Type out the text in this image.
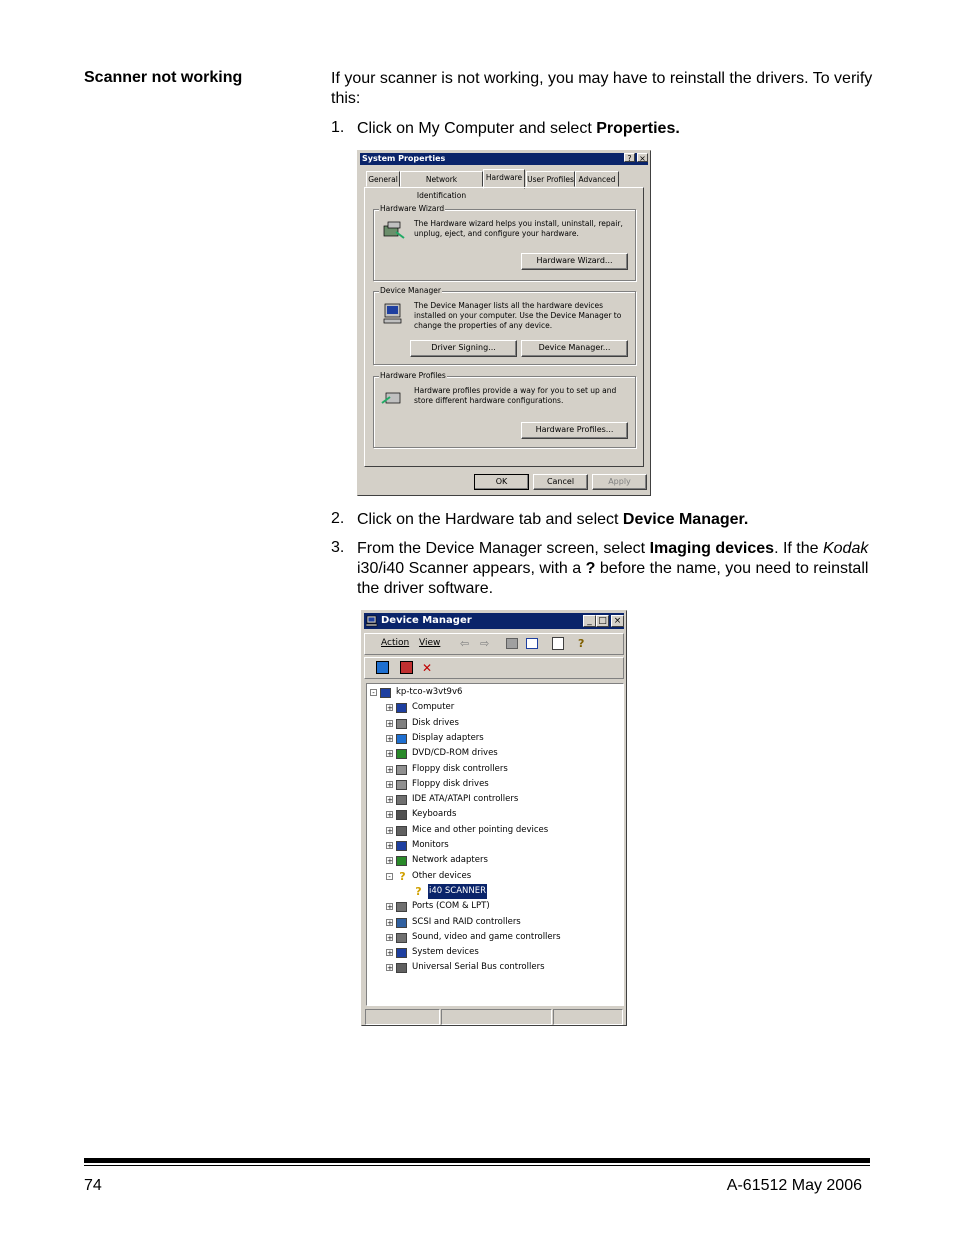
Scanner not working	If your scanner is not working, you may have to reinstall the drivers. To verify this:
1. Click on My Computer and select Properties.
System Properties	? ×
General	Network Identification
Hardware User Profiles Advanced
Hardware Wizard
The Hardware wizard helps you install, uninstall, repair, unplug, eject, and configure your hardware.
Hardware Wizard...
Device Manager
The Device Manager lists all the hardware devices installed on your computer. Use the Device Manager to change the properties of any device.
Driver Signing...	Device Manager...
Hardware Profiles
Hardware profiles provide a way for you to set up and store different hardware configurations.
Hardware Profiles...
OK	Cancel	Apply
2. Click on the Hardware tab and select Device Manager.
3. From the Device Manager screen, select Imaging devices. If the Kodak i30/i40 Scanner appears, with a ? before the name, you need to reinstall the driver software.
Device Manager	_ □ ×
Action View ⇦ ⇨	?
✕
- kp-tco-w3vt9v6
+ Computer
+ Disk drives
+ Display adapters
+ DVD/CD-ROM drives
+ Floppy disk controllers
+ Floppy disk drives
+ IDE ATA/ATAPI controllers
+ Keyboards
+ Mice and other pointing devices
+ Monitors
+ Network adapters
- ? Other devices
? i40 SCANNER
+ Ports (COM & LPT)
+ SCSI and RAID controllers
+ Sound, video and game controllers
+ System devices
+ Universal Serial Bus controllers
74	A-61512 May 2006
